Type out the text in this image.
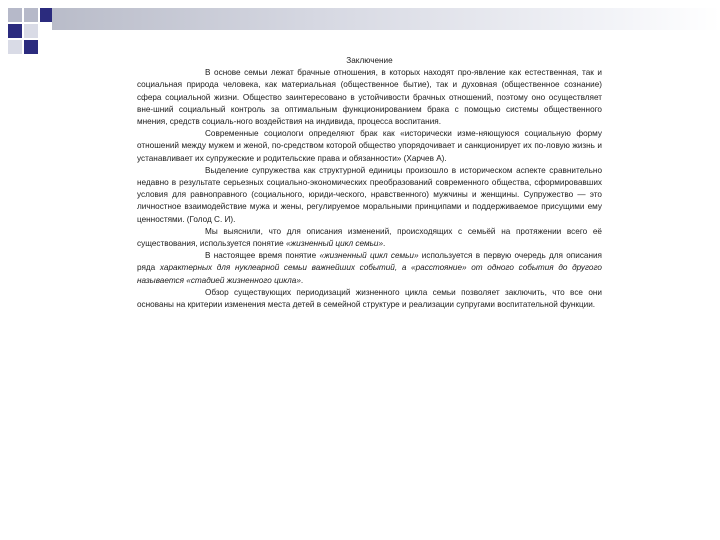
Заключение

В основе семьи лежат брачные отношения, в которых находят про-явление как естественная, так и социальная природа человека, как материальная (общественное бытие), так и духовная (общественное сознание) сфера социальной жизни. Общество заинтересовано в устойчивости брачных отношений, поэтому оно осуществляет вне-шний социальный контроль за оптимальным функционированием брака с помощью системы общественного мнения, средств социаль-ного воздействия на индивида, процесса воспитания.

Современные социологи определяют брак как «исторически изме-няющуюся социальную форму отношений между мужем и женой, по-средством которой общество упорядочивает и санкционирует их по-ловую жизнь и устанавливает их супружеские и родительские права и обязанности» (Харчев А).

Выделение супружества как структурной единицы произошло в историческом аспекте сравнительно недавно в результате серьезных социально-экономических преобразований современного общества, сформировавших условия для равноправного (социального, юриди-ческого, нравственного) мужчины и женщины. Супружество — это личностное взаимодействие мужа и жены, регулируемое моральными принципами и поддерживаемое присущими ему ценностями. (Голод С. И).

Мы выяснили, что для описания изменений, происходящих с семьёй на протяжении всего её существования, используется понятие «жизненный цикл семьи».

В настоящее время понятие «жизненный цикл семьи» используется в первую очередь для описания ряда характерных для нуклеарной семьи важнейших событий, а «расстояние» от одного события до другого называется «стадией жизненного цикла».

Обзор существующих периодизаций жизненного цикла семьи позволяет заключить, что все они основаны на критерии изменения места детей в семейной структуре и реализации супругами воспитательной функции.
